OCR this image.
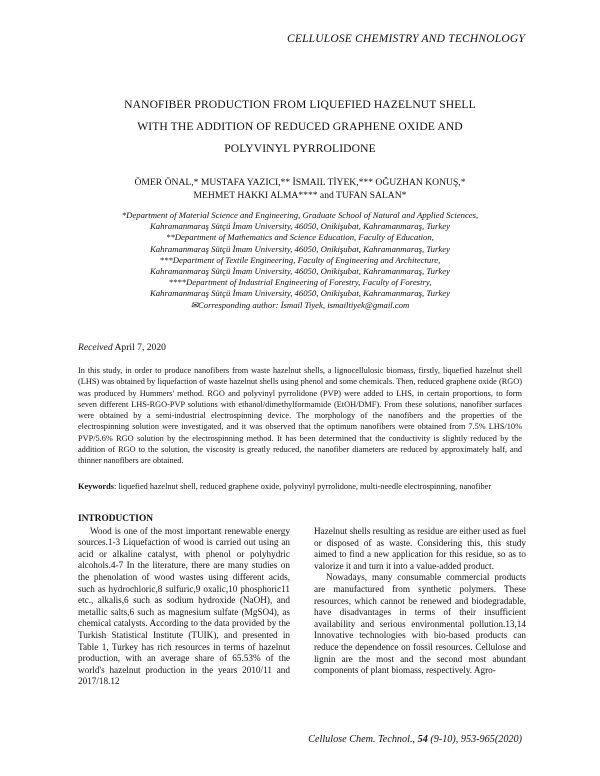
CELLULOSE CHEMISTRY AND TECHNOLOGY
NANOFIBER PRODUCTION FROM LIQUEFIED HAZELNUT SHELL
WITH THE ADDITION OF REDUCED GRAPHENE OXIDE AND
POLYVINYL PYRROLIDONE
ÖMER ÖNAL,* MUSTAFA YAZICI,** İSMAIL TİYEK,*** OĞUZHAN KONUŞ,*
MEHMET HAKKI ALMA**** and TUFAN SALAN*
*Department of Material Science and Engineering, Graduate School of Natural and Applied Sciences,
Kahramanmaraş Sütçü İmam University, 46050, Onikişubat, Kahramanmaraş, Turkey
**Department of Mathematics and Science Education, Faculty of Education,
Kahramanmaraş Sütçü İmam University, 46050, Onikişubat, Kahramanmaraş, Turkey
***Department of Textile Engineering, Faculty of Engineering and Architecture,
Kahramanmaraş Sütçü İmam University, 46050, Onikişubat, Kahramanmaraş, Turkey
****Department of Industrial Engineering of Forestry, Faculty of Forestry,
Kahramanmaraş Sütçü İmam University, 46050, Onikişubat, Kahramanmaraş, Turkey
✉Corresponding author: İsmail Tiyek, ismailtiyek@gmail.com
Received April 7, 2020
In this study, in order to produce nanofibers from waste hazelnut shells, a lignocellulosic biomass, firstly, liquefied hazelnut shell (LHS) was obtained by liquefaction of waste hazelnut shells using phenol and some chemicals. Then, reduced graphene oxide (RGO) was produced by Hummers' method. RGO and polyvinyl pyrrolidone (PVP) were added to LHS, in certain proportions, to form seven different LHS-RGO-PVP solutions with ethanol/dimethylformamide (EtOH/DMF). From these solutions, nanofiber surfaces were obtained by a semi-industrial electrospinning device. The morphology of the nanofibers and the properties of the electrospinning solution were investigated, and it was observed that the optimum nanofibers were obtained from 7.5% LHS/10% PVP/5.6% RGO solution by the electrospinning method. It has been determined that the conductivity is slightly reduced by the addition of RGO to the solution, the viscosity is greatly reduced, the nanofiber diameters are reduced by approximately half, and thinner nanofibers are obtained.
Keywords: liquefied hazelnut shell, reduced graphene oxide, polyvinyl pyrrolidone, multi-needle electrospinning, nanofiber

INTRODUCTION

Wood is one of the most important renewable energy sources.1-3 Liquefaction of wood is carried out using an acid or alkaline catalyst, with phenol or polyhydric alcohols.4-7 In the literature, there are many studies on the phenolation of wood wastes using different acids, such as hydrochloric,8 sulfuric,9 oxalic,10 phosphoric11 etc., alkalis,6 such as sodium hydroxide (NaOH), and metallic salts,6 such as magnesium sulfate (MgSO4), as chemical catalysts. According to the data provided by the Turkish Statistical Institute (TUIK), and presented in Table 1, Turkey has rich resources in terms of hazelnut production, with an average share of 65.53% of the world's hazelnut production in the years 2010/11 and 2017/18.12

Hazelnut shells resulting as residue are either used as fuel or disposed of as waste. Considering this, this study aimed to find a new application for this residue, so as to valorize it and turn it into a value-added product.

Nowadays, many consumable commercial products are manufactured from synthetic polymers. These resources, which cannot be renewed and biodegradable, have disadvantages in terms of their insufficient availability and serious environmental pollution.13,14 Innovative technologies with bio-based products can reduce the dependence on fossil resources. Cellulose and lignin are the most and the second most abundant components of plant biomass, respectively. Agro-

Cellulose Chem. Technol., 54 (9-10), 953-965(2020)
